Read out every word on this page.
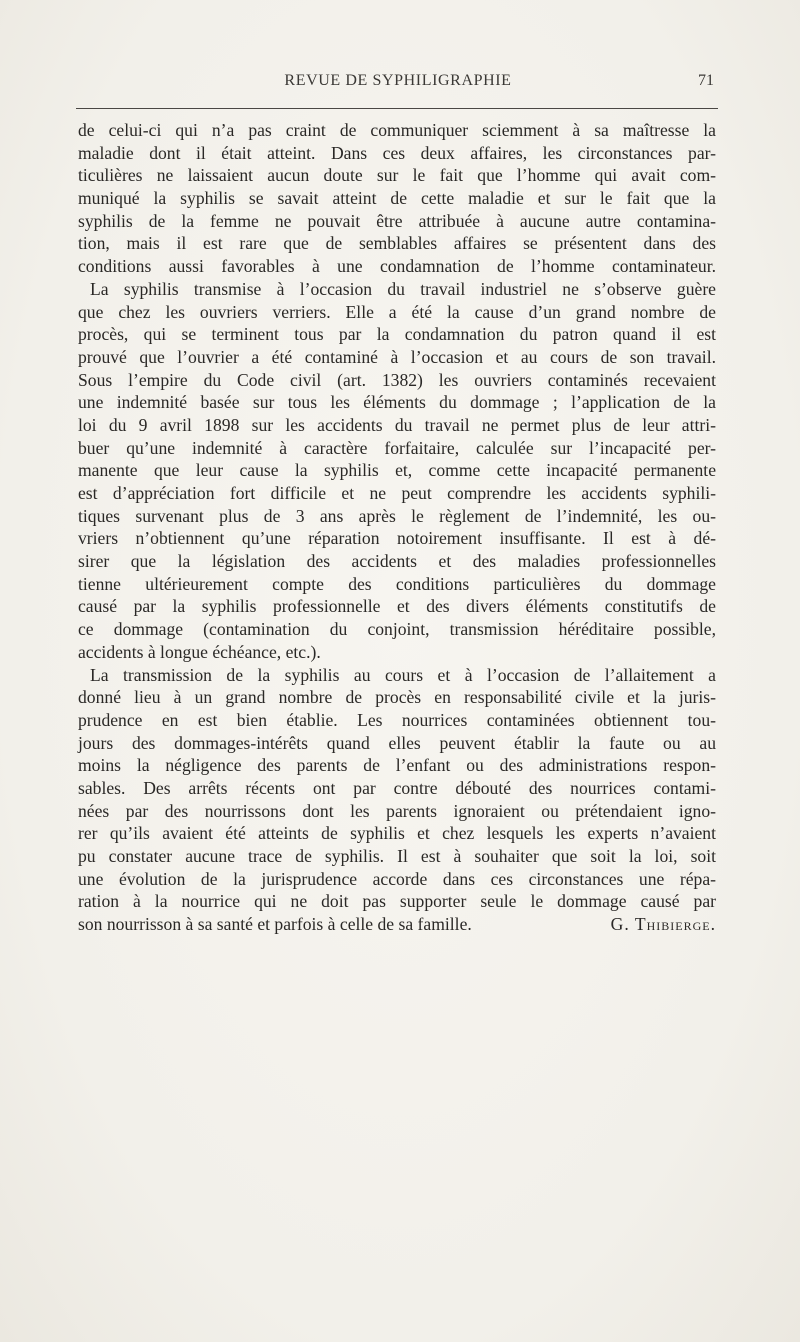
REVUE DE SYPHILIGRAPHIE	71
de celui-ci qui n’a pas craint de communiquer sciemment à sa maîtresse la
maladie dont il était atteint. Dans ces deux affaires, les circonstances par-
ticulières ne laissaient aucun doute sur le fait que l’homme qui avait com-
muniqué la syphilis se savait atteint de cette maladie et sur le fait que la
syphilis de la femme ne pouvait être attribuée à aucune autre contamina-
tion, mais il est rare que de semblables affaires se présentent dans des
conditions aussi favorables à une condamnation de l’homme contaminateur.
La syphilis transmise à l’occasion du travail industriel ne s’observe guère
que chez les ouvriers verriers. Elle a été la cause d’un grand nombre de
procès, qui se terminent tous par la condamnation du patron quand il est
prouvé que l’ouvrier a été contaminé à l’occasion et au cours de son travail.
Sous l’empire du Code civil (art. 1382) les ouvriers contaminés recevaient
une indemnité basée sur tous les éléments du dommage ; l’application de la
loi du 9 avril 1898 sur les accidents du travail ne permet plus de leur attri-
buer qu’une indemnité à caractère forfaitaire, calculée sur l’incapacité per-
manente que leur cause la syphilis et, comme cette incapacité permanente
est d’appréciation fort difficile et ne peut comprendre les accidents syphili-
tiques survenant plus de 3 ans après le règlement de l’indemnité, les ou-
vriers n’obtiennent qu’une réparation notoirement insuffisante. Il est à dé-
sirer que la législation des accidents et des maladies professionnelles
tienne ultérieurement compte des conditions particulières du dommage
causé par la syphilis professionnelle et des divers éléments constitutifs de
ce dommage (contamination du conjoint, transmission héréditaire possible,
accidents à longue échéance, etc.).
La transmission de la syphilis au cours et à l’occasion de l’allaitement a
donné lieu à un grand nombre de procès en responsabilité civile et la juris-
prudence en est bien établie. Les nourrices contaminées obtiennent tou-
jours des dommages-intérêts quand elles peuvent établir la faute ou au
moins la négligence des parents de l’enfant ou des administrations respon-
sables. Des arrêts récents ont par contre débouté des nourrices contami-
nées par des nourrissons dont les parents ignoraient ou prétendaient igno-
rer qu’ils avaient été atteints de syphilis et chez lesquels les experts n’avaient
pu constater aucune trace de syphilis. Il est à souhaiter que soit la loi, soit
une évolution de la jurisprudence accorde dans ces circonstances une répa-
ration à la nourrice qui ne doit pas supporter seule le dommage causé par
son nourrisson à sa santé et parfois à celle de sa famille.	G. Thibierge.
